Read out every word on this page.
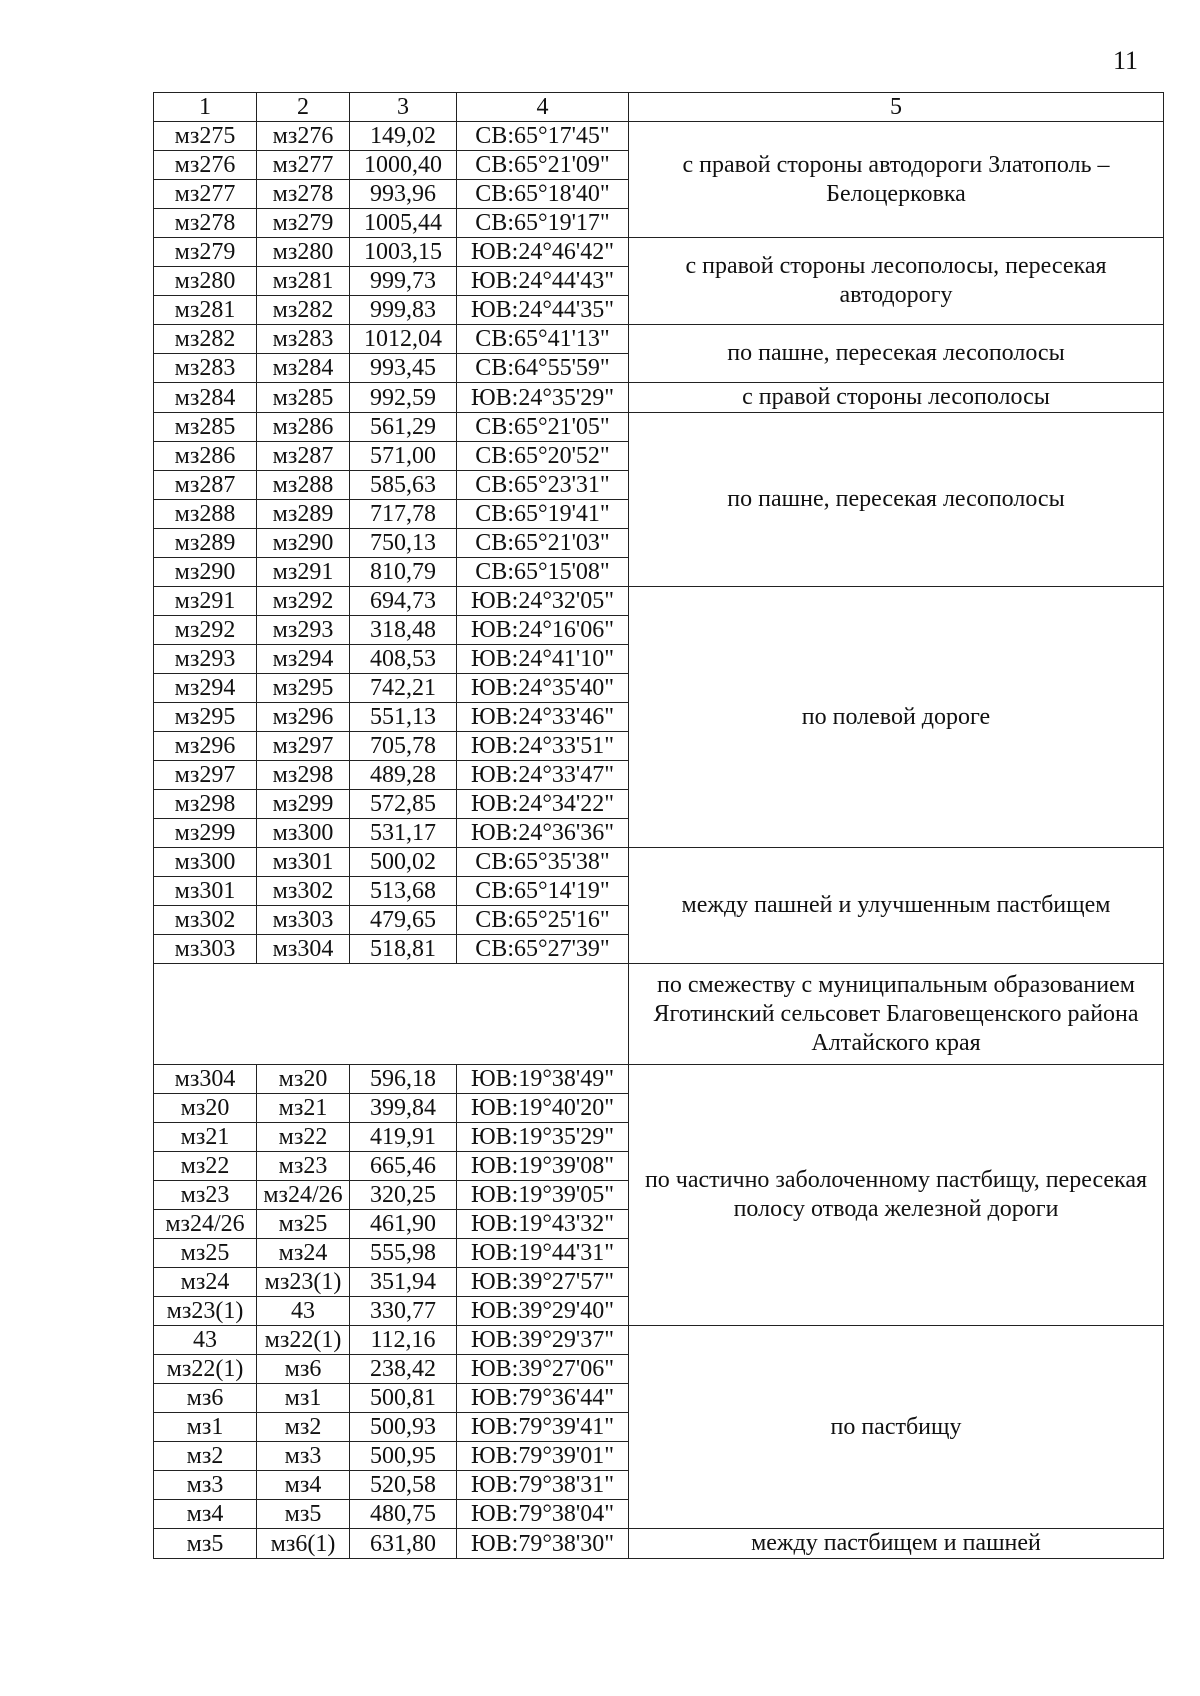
11
1	2	3	4	5
мз275	мз276	149,02	СВ:65°17'45"	с правой стороны автодороги Златополь – Белоцерковка
мз276	мз277	1000,40	СВ:65°21'09"	
мз277	мз278	993,96	СВ:65°18'40"	
мз278	мз279	1005,44	СВ:65°19'17"	
мз279	мз280	1003,15	ЮВ:24°46'42"	с правой стороны лесополосы, пересекая автодорогу
мз280	мз281	999,73	ЮВ:24°44'43"	
мз281	мз282	999,83	ЮВ:24°44'35"	
мз282	мз283	1012,04	СВ:65°41'13"	по пашне, пересекая лесополосы
мз283	мз284	993,45	СВ:64°55'59"	
мз284	мз285	992,59	ЮВ:24°35'29"	с правой стороны лесополосы
мз285	мз286	561,29	СВ:65°21'05"	по пашне, пересекая лесополосы
мз286	мз287	571,00	СВ:65°20'52"	
мз287	мз288	585,63	СВ:65°23'31"	
мз288	мз289	717,78	СВ:65°19'41"	
мз289	мз290	750,13	СВ:65°21'03"	
мз290	мз291	810,79	СВ:65°15'08"	
мз291	мз292	694,73	ЮВ:24°32'05"	по полевой дороге
мз292	мз293	318,48	ЮВ:24°16'06"	
мз293	мз294	408,53	ЮВ:24°41'10"	
мз294	мз295	742,21	ЮВ:24°35'40"	
мз295	мз296	551,13	ЮВ:24°33'46"	
мз296	мз297	705,78	ЮВ:24°33'51"	
мз297	мз298	489,28	ЮВ:24°33'47"	
мз298	мз299	572,85	ЮВ:24°34'22"	
мз299	мз300	531,17	ЮВ:24°36'36"	
мз300	мз301	500,02	СВ:65°35'38"	между пашней и улучшенным пастбищем
мз301	мз302	513,68	СВ:65°14'19"	
мз302	мз303	479,65	СВ:65°25'16"	
мз303	мз304	518,81	СВ:65°27'39"	
				по смежеству с муниципальным образованием Яготинский сельсовет Благовещенского района Алтайского края
мз304	мз20	596,18	ЮВ:19°38'49"	по частично заболоченному пастбищу, пересекая полосу отвода железной дороги
мз20	мз21	399,84	ЮВ:19°40'20"	
мз21	мз22	419,91	ЮВ:19°35'29"	
мз22	мз23	665,46	ЮВ:19°39'08"	
мз23	мз24/26	320,25	ЮВ:19°39'05"	
мз24/26	мз25	461,90	ЮВ:19°43'32"	
мз25	мз24	555,98	ЮВ:19°44'31"	
мз24	мз23(1)	351,94	ЮВ:39°27'57"	
мз23(1)	43	330,77	ЮВ:39°29'40"	
43	мз22(1)	112,16	ЮВ:39°29'37"	по пастбищу
мз22(1)	мз6	238,42	ЮВ:39°27'06"	
мз6	мз1	500,81	ЮВ:79°36'44"	
мз1	мз2	500,93	ЮВ:79°39'41"	
мз2	мз3	500,95	ЮВ:79°39'01"	
мз3	мз4	520,58	ЮВ:79°38'31"	
мз4	мз5	480,75	ЮВ:79°38'04"	
мз5	мз6(1)	631,80	ЮВ:79°38'30"	между пастбищем и пашней
